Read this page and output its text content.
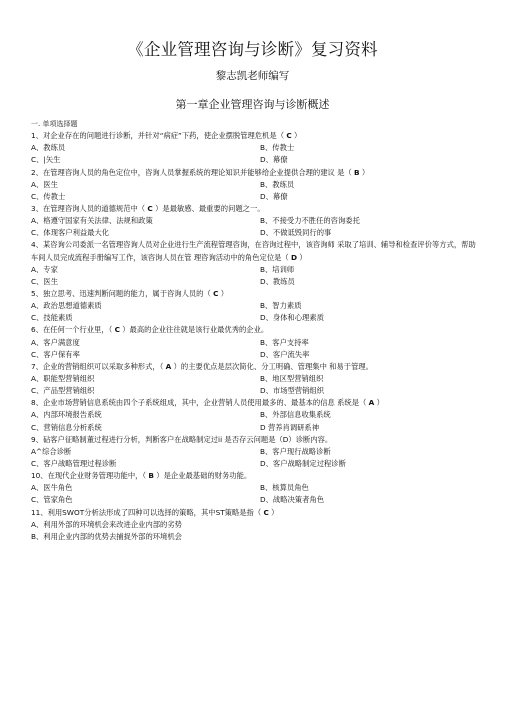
《企业管理咨询与诊断》复习资料

黎志凯老师编写

第一章企业管理咨询与诊断概述
一. 单项选择题
1、对企业存在的问题进行诊断，并针对“病症”下药，使企业摆脱管理危机是（ C ）
A、教练员	B、传教士
C、|矢生	D、幕僚
2、在管理咨询人员的角色定位中，咨询人员掌握系统的理论知识并能够给企业提供合理的建议 是（ B ）
A、医生	B、教练员
C、传教士	D、幕僚
3、在管理咨询人员的道德规范中（ C ）是最敏感、最重要的问题之一。
A、格遵守国家有关法律、法规和政策	B、不接受力不胜任的咨询委托
C、体现客户利益最大化	D、不做诋毁同行的事
4、某咨询公司委派一名管理咨询人员对企业进行生产流程管理咨询，在咨询过程中，该咨询师 采取了培训、辅导和检查评价等方式，帮助车间人员完成流程手册编写工作，该咨询人员在管 理咨询活动中的角色定位是（ D ）
A、专家	B、培训师
C、医生	D、教练员
5、独立思考、迅速判断问题的能力，属于咨询人员的（ C ）
A、政治思想道德素质	B、智力素质
C、技能素质	D、身体和心理素质
6、在任何一个行业里，（ C ）最高的企业往往就是该行业最优秀的企业。
A、客户满意度	B、客户支持率
C、客户保有率	D、客户流失率
7、企业的营销组织可以采取多种形式，（ A ）的主要优点是层次简化、分工明确、管理集中 和易于管理。
A、职能型营销组织	B、地区型营销组织
C、产品型营销组织	D、市场型营销组织
8、企业市场营销信息系统由四个子系统组成，其中，企业营销人员使用最多的、最基本的信息 系统是（ A ）
A、内部环境报告系统	B、外部信息收集系统
C、营销信息分析系统	D 营养肖调研系神
9、砧客户征略制董过程进行分析，判断客户在战略制定过ii 是否存云问题是（D）诊断内容。
A^综合诊断	B、客户现行战略诊断
C、客户战略管理过程诊断	D、客户战略制定过程诊断
10、在现代企业财务管理功能中，（ B ）是企业最基础的财务功能。
A、医牛角色	B、核算员角色
C、管家角色	D、战略决策者角色
11、利用SWOT分析法形成了四种可以选择的策略，其中ST策略是指（ C ）
A、利用外部的环境机会来改进企业内部的劣势
B、利用企业内部的优势去捕捉外部的环境机会
